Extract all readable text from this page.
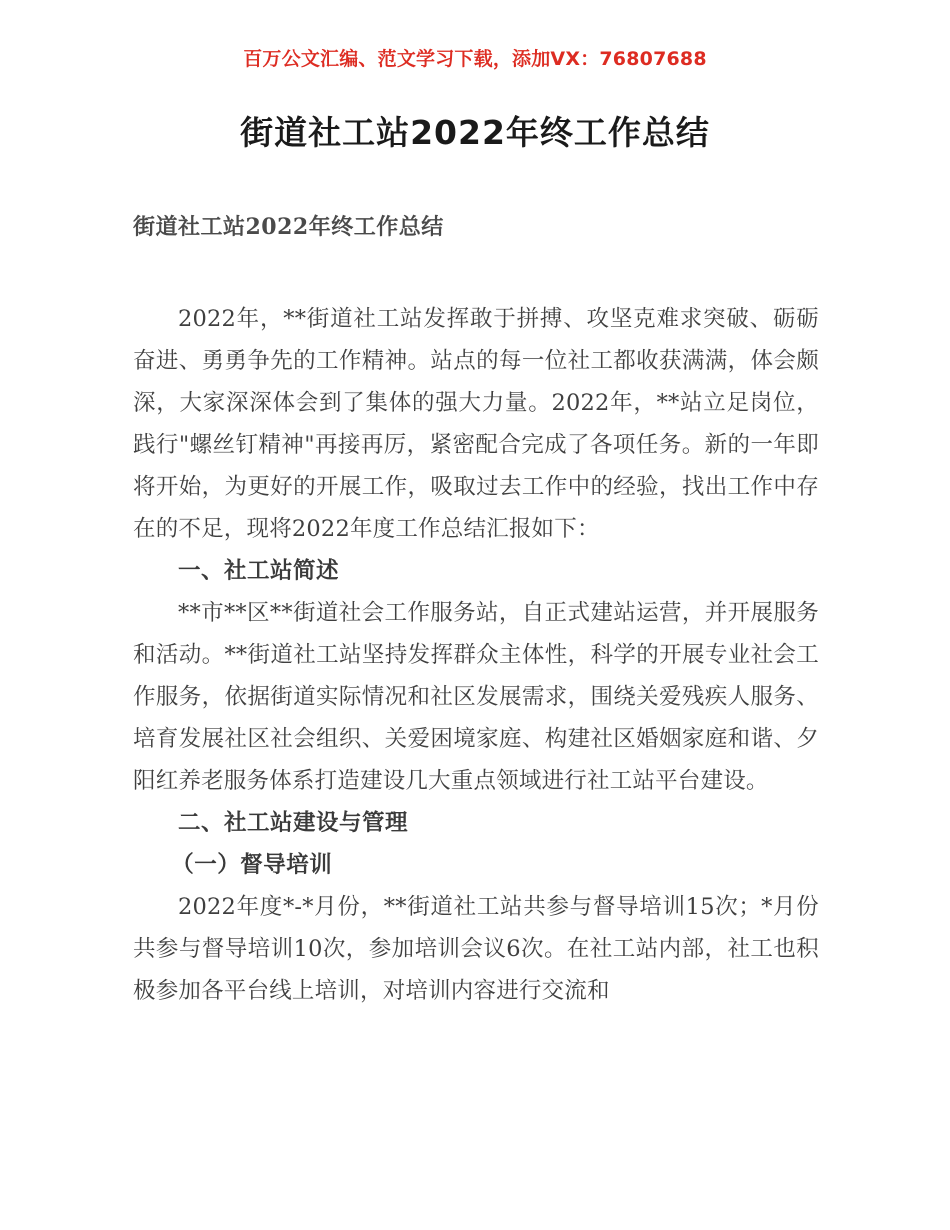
百万公文汇编、范文学习下载，添加VX：76807688
街道社工站2022年终工作总结
街道社工站2022年终工作总结

2022年，**街道社工站发挥敢于拼搏、攻坚克难求突破、砺砺奋进、勇勇争先的工作精神。站点的每一位社工都收获满满，体会颇深，大家深深体会到了集体的强大力量。2022年，**站立足岗位，践行"螺丝钉精神"再接再厉，紧密配合完成了各项任务。新的一年即将开始，为更好的开展工作，吸取过去工作中的经验，找出工作中存在的不足，现将2022年度工作总结汇报如下：

一、社工站简述

**市**区**街道社会工作服务站，自正式建站运营，并开展服务和活动。**街道社工站坚持发挥群众主体性，科学的开展专业社会工作服务，依据街道实际情况和社区发展需求，围绕关爱残疾人服务、培育发展社区社会组织、关爱困境家庭、构建社区婚姻家庭和谐、夕阳红养老服务体系打造建设几大重点领域进行社工站平台建设。

二、社工站建设与管理
（一）督导培训

2022年度*-*月份，**街道社工站共参与督导培训15次；*月份共参与督导培训10次，参加培训会议6次。在社工站内部，社工也积极参加各平台线上培训，对培训内容进行交流和
